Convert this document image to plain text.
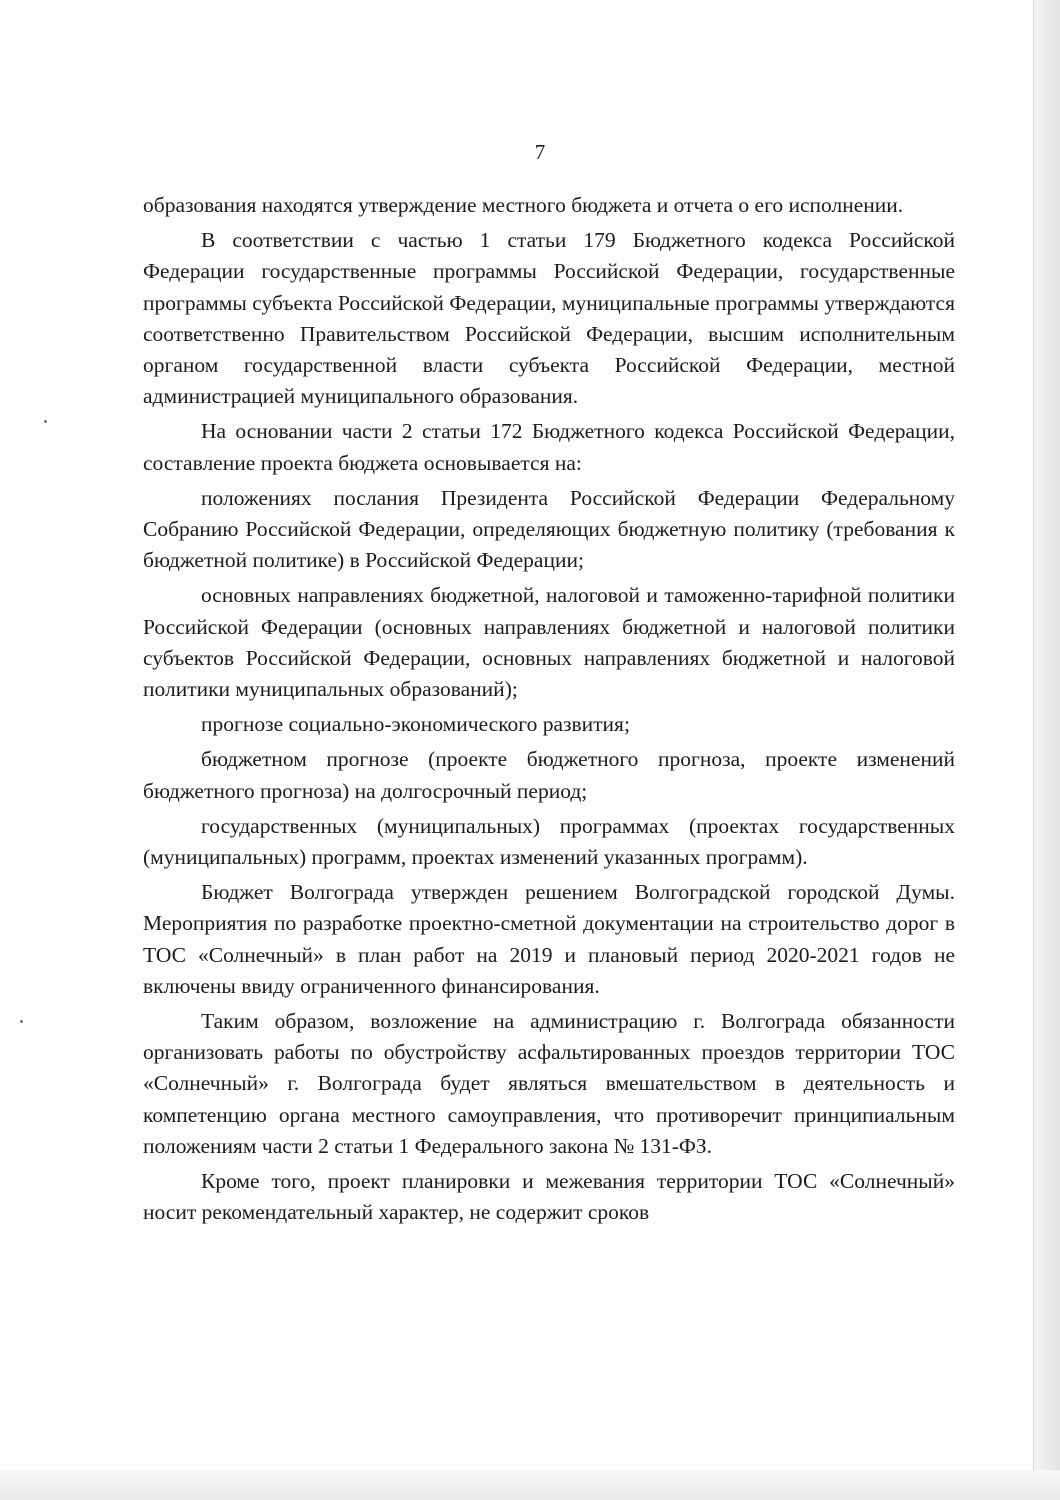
7

образования находятся утверждение местного бюджета и отчета о его исполнении.

В соответствии с частью 1 статьи 179 Бюджетного кодекса Российской Федерации государственные программы Российской Федерации, государственные программы субъекта Российской Федерации, муниципальные программы утверждаются соответственно Правительством Российской Федерации, высшим исполнительным органом государственной власти субъекта Российской Федерации, местной администрацией муниципального образования.

На основании части 2 статьи 172 Бюджетного кодекса Российской Федерации, составление проекта бюджета основывается на:

положениях послания Президента Российской Федерации Федеральному Собранию Российской Федерации, определяющих бюджетную политику (требования к бюджетной политике) в Российской Федерации;

основных направлениях бюджетной, налоговой и таможенно-тарифной политики Российской Федерации (основных направлениях бюджетной и налоговой политики субъектов Российской Федерации, основных направлениях бюджетной и налоговой политики муниципальных образований);

прогнозе социально-экономического развития;

бюджетном прогнозе (проекте бюджетного прогноза, проекте изменений бюджетного прогноза) на долгосрочный период;

государственных (муниципальных) программах (проектах государственных (муниципальных) программ, проектах изменений указанных программ).

Бюджет Волгограда утвержден решением Волгоградской городской Думы. Мероприятия по разработке проектно-сметной документации на строительство дорог в ТОС «Солнечный» в план работ на 2019 и плановый период 2020-2021 годов не включены ввиду ограниченного финансирования.

Таким образом, возложение на администрацию г. Волгограда обязанности организовать работы по обустройству асфальтированных проездов территории ТОС «Солнечный» г. Волгограда будет являться вмешательством в деятельность и компетенцию органа местного самоуправления, что противоречит принципиальным положениям части 2 статьи 1 Федерального закона № 131-ФЗ.

Кроме того, проект планировки и межевания территории ТОС «Солнечный» носит рекомендательный характер, не содержит сроков
